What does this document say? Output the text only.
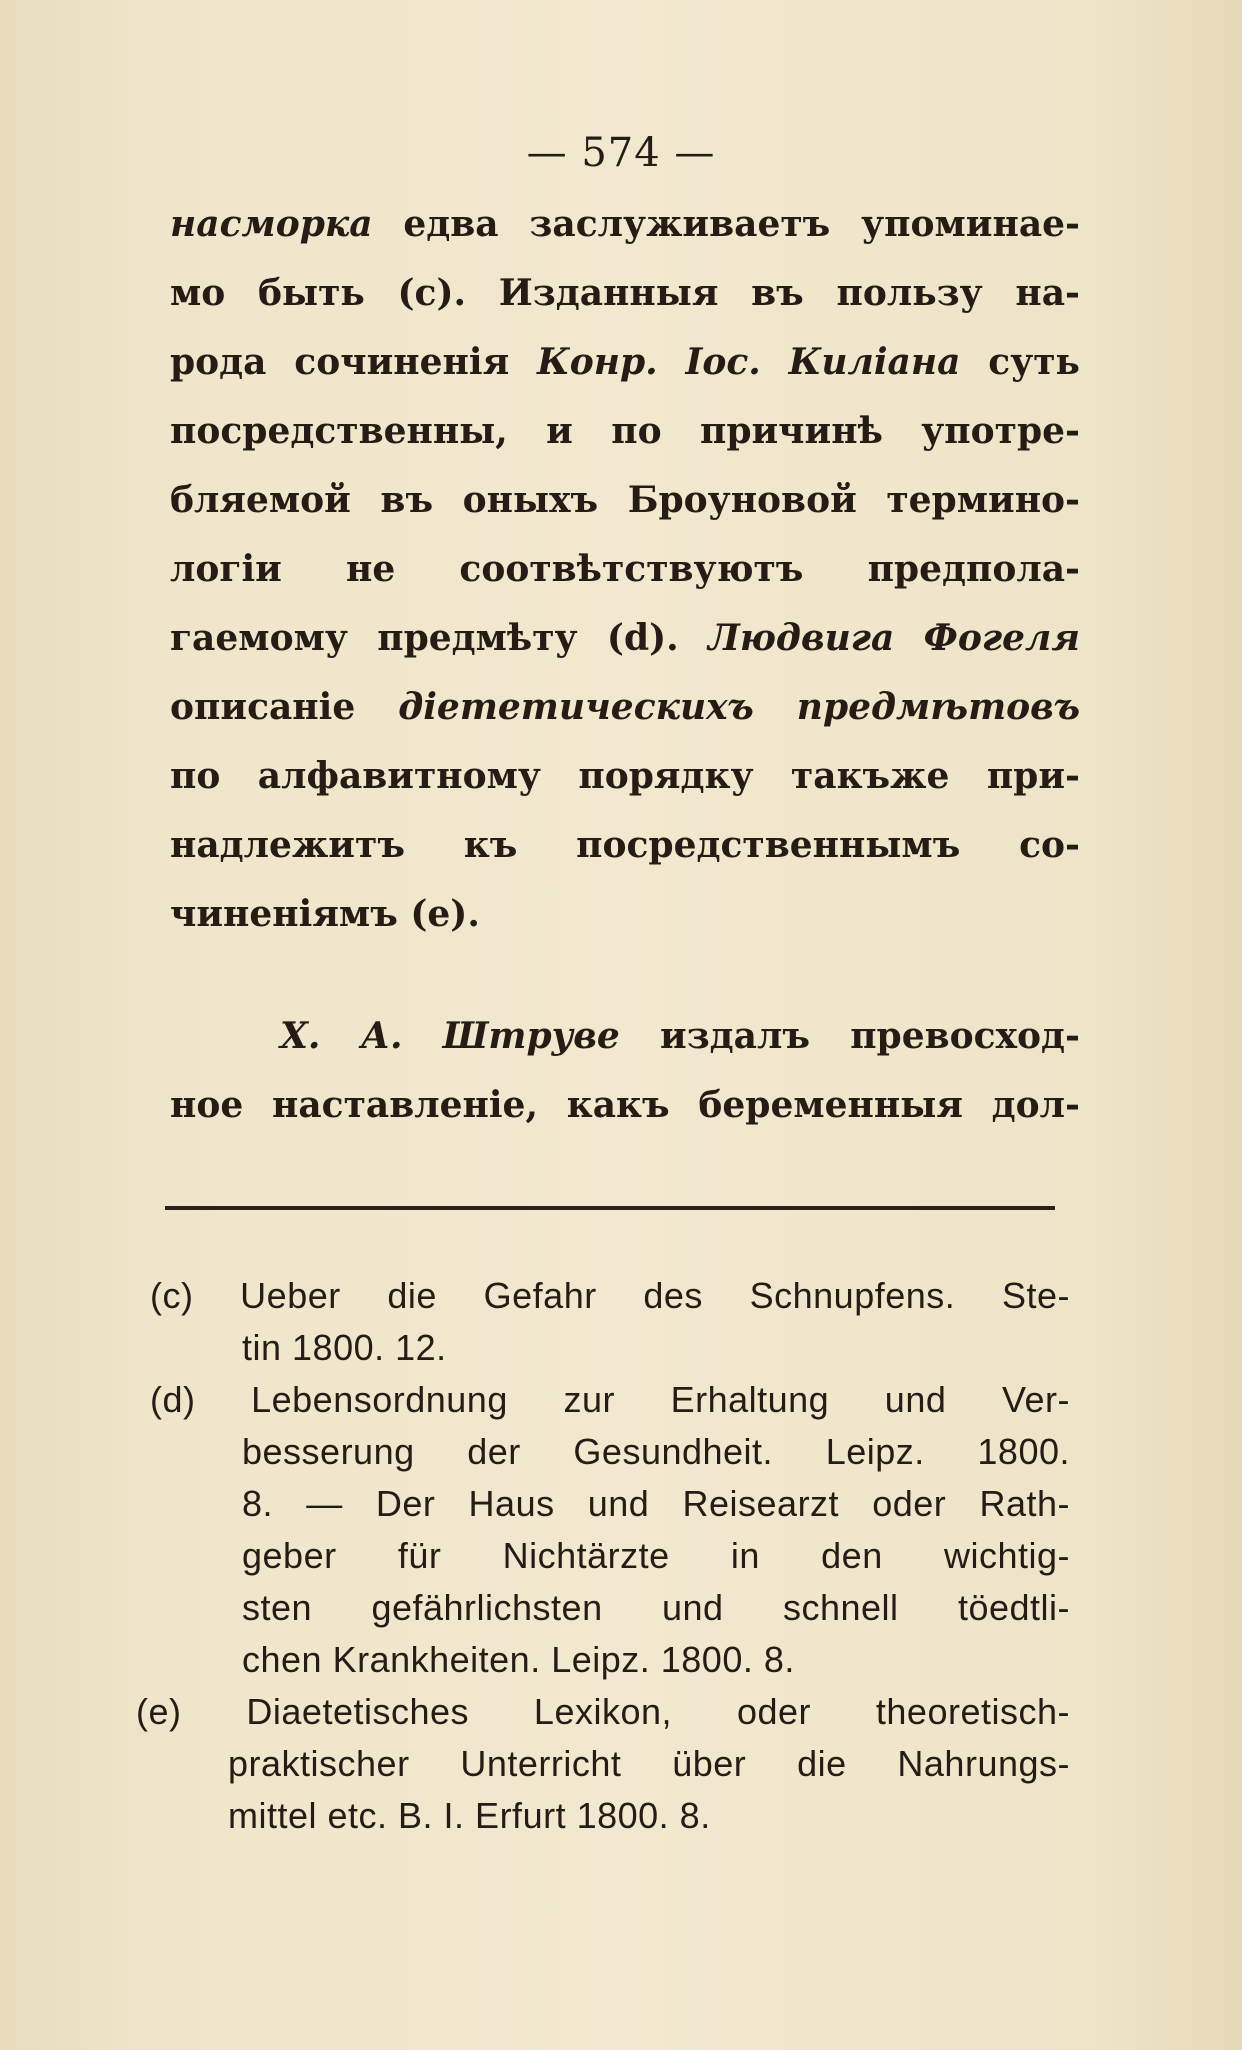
— 574 —
насморка едва заслуживаетъ упоминае-
мо быть (с). Изданныя въ пользу на-
рода сочиненія Конр. Іос. Киліана суть
посредственны, и по причинѣ употре-
бляемой въ оныхъ Броуновой термино-
логіи не соотвѣтствуютъ предпола-
гаемому предмѣту (d). Людвига Фогеля
описаніе діететическихъ предмѣтовъ
по алфавитному порядку такъже при-
надлежитъ къ посредственнымъ со-
чиненіямъ (е).
Х. А. Штруве издалъ превосход-
ное наставленіе, какъ беременныя дол-
(c) Ueber die Gefahr des Schnupfens. Ste-
tin 1800. 12.
(d) Lebensordnung zur Erhaltung und Ver-
besserung der Gesundheit. Leipz. 1800.
8. — Der Haus und Reisearzt oder Rath-
geber für Nichtärzte in den wichtig-
sten gefährlichsten und schnell töedtli-
chen Krankheiten. Leipz. 1800. 8.
(e) Diaetetisches Lexikon, oder theoretisch-
praktischer Unterricht über die Nahrungs-
mittel etc. B. I. Erfurt 1800. 8.
